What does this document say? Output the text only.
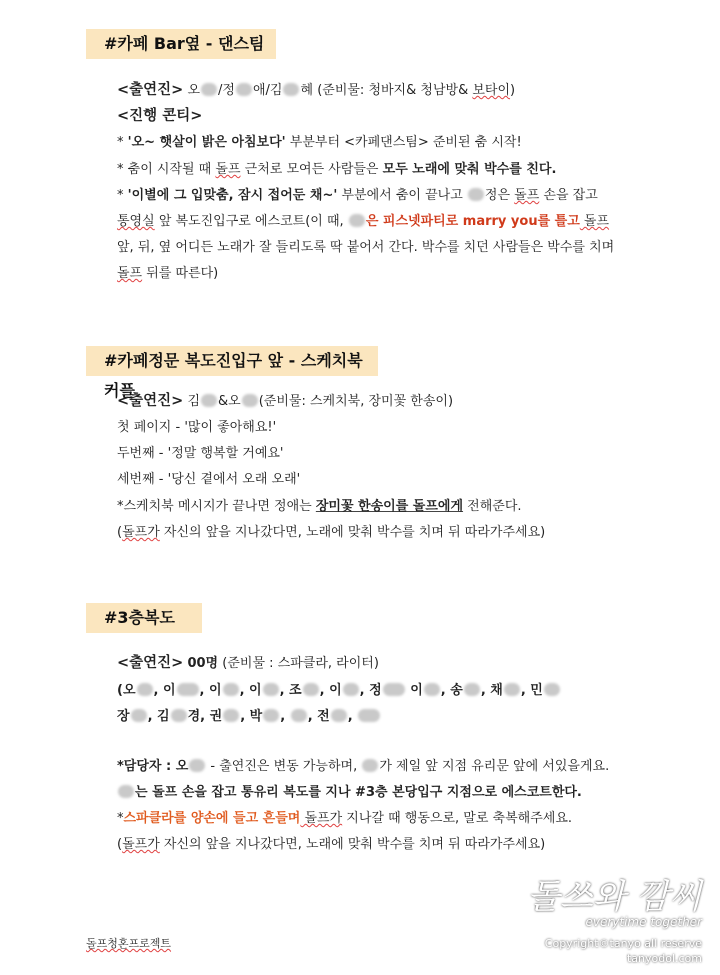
#카페 Bar옆 - 댄스팀
<출연진> 오 /정 애/김 혜 (준비물: 청바지& 청남방& 보타이)
<진행 콘티>
* '오~ 햇살이 밝은 아침보다' 부분부터 <카페댄스팀> 준비된 춤 시작!
* 춤이 시작될 때 돌프 근처로 모여든 사람들은 모두 노래에 맞춰 박수를 친다.
* '이별에 그 입맞춤, 잠시 접어둔 채~' 부분에서 춤이 끝나고 정은 돌프 손을 잡고
통영실 앞 복도진입구로 에스코트(이 때, 은 피스넷파티로 marry you를 틀고 돌프
앞, 뒤, 옆 어디든 노래가 잘 들리도록 딱 붙어서 간다. 박수를 치던 사람들은 박수를 치며
돌프 뒤를 따른다)
#카페정문 복도진입구 앞 - 스케치북커플
<출연진> 김 &오 (준비물: 스케치북, 장미꽃 한송이)
첫 페이지 - '많이 좋아해요!'
두번째 - '정말 행복할 거예요'
세번째 - '당신 곁에서 오래 오래'
*스케치북 메시지가 끝나면 정애는 장미꽃 한송이를 돌프에게 전해준다.
(돌프가 자신의 앞을 지나갔다면, 노래에 맞춰 박수를 치며 뒤 따라가주세요)
#3층복도
<출연진> 00명 (준비물 : 스파클라, 라이터)
(오 , 이 , 이 , 이 , 조 , 이 , 정 이 , 송 , 채 , 민
장 , 김 경, 권 , 박 , , 전 ,
*담당자 : 오 - 출연진은 변동 가능하며, 가 제일 앞 지점 유리문 앞에 서있을게요.
는 돌프 손을 잡고 통유리 복도를 지나 #3층 본당입구 지점으로 에스코트한다.
*스파클라를 양손에 들고 흔들며 돌프가 지나갈 때 행동으로, 말로 축복해주세요.
(돌프가 자신의 앞을 지나갔다면, 노래에 맞춰 박수를 치며 뒤 따라가주세요)
돌프청혼프로젝트
돌쓰와 깜씨
everytime together
Copyright©tanyo all reserve
tanyodol.com
